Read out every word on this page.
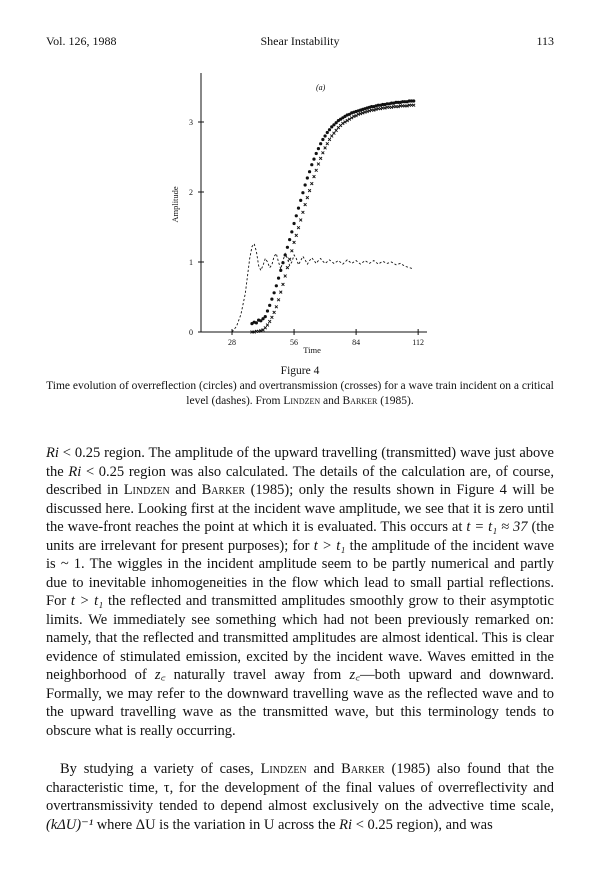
Vol. 126, 1988	Shear Instability	113
28	56	84	112
0
1
2
3
Time
Amplitude
(a)
Figure 4
Time evolution of overreflection (circles) and overtransmission (crosses) for a wave train incident on a critical level (dashes). From Lindzen and Barker (1985).

Ri < 0.25 region. The amplitude of the upward travelling (transmitted) wave just above the Ri < 0.25 region was also calculated. The details of the calculation are, of course, described in Lindzen and Barker (1985); only the results shown in Figure 4 will be discussed here. Looking first at the incident wave amplitude, we see that it is zero until the wave-front reaches the point at which it is evaluated. This occurs at t = t₁ ≈ 37 (the units are irrelevant for present purposes); for t > t₁ the amplitude of the incident wave is ~ 1. The wiggles in the incident amplitude seem to be partly numerical and partly due to inevitable inhomogeneities in the flow which lead to small partial reflections. For t > t₁ the reflected and transmitted amplitudes smoothly grow to their asymptotic limits. We immediately see something which had not been previously remarked on: namely, that the reflected and transmitted amplitudes are almost identical. This is clear evidence of stimulated emission, excited by the incident wave. Waves emitted in the neighborhood of z꜀ naturally travel away from z꜀—both upward and downward. Formally, we may refer to the downward travelling wave as the reflected wave and to the upward travelling wave as the transmitted wave, but this terminology tends to obscure what is really occurring.

By studying a variety of cases, Lindzen and Barker (1985) also found that the characteristic time, τ, for the development of the final values of overreflectivity and overtransmissivity tended to depend almost exclusively on the advective time scale, (kΔU)⁻¹ where ΔU is the variation in U across the Ri < 0.25 region), and was
